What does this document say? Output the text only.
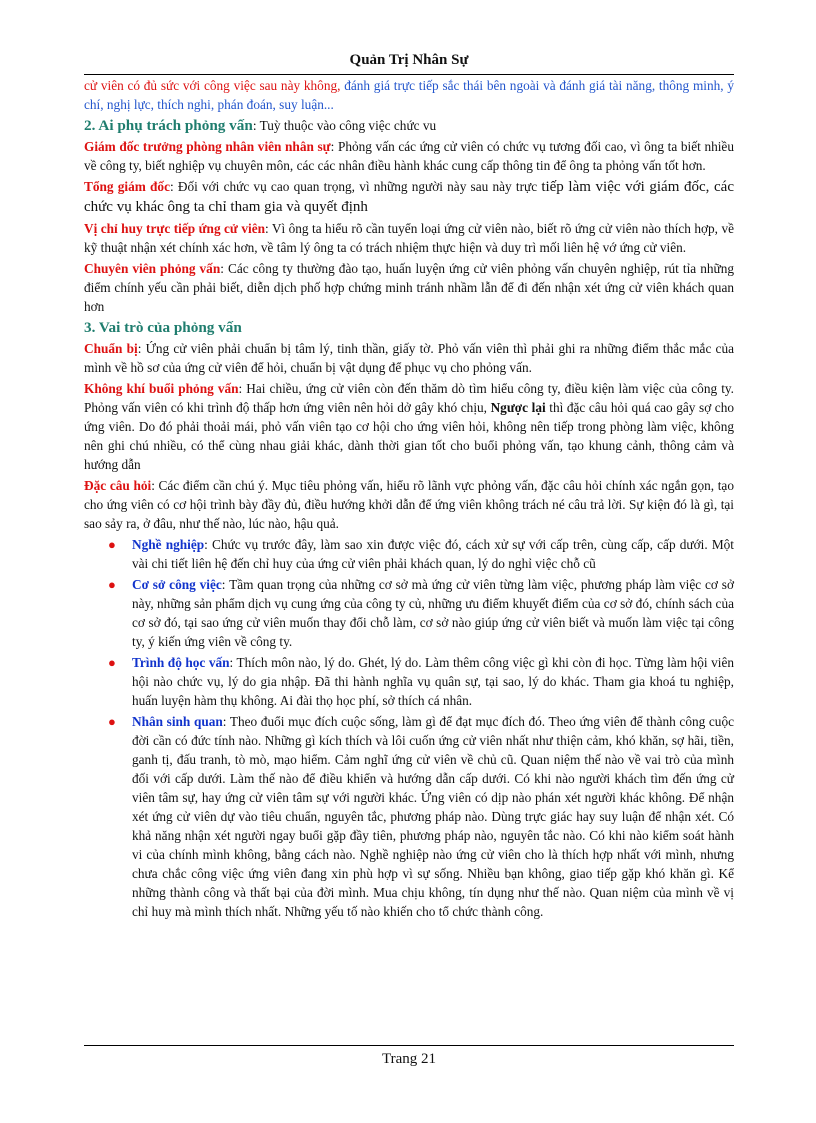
Quản Trị Nhân Sự

cử viên có đủ sức với công việc sau này không, đánh giá trực tiếp sắc thái bên ngoài và đánh giá tài năng, thông minh, ý chí, nghị lực, thích nghi, phán đoán, suy luận...

2. Ai phụ trách phỏng vấn: Tuỳ thuộc vào công việc chức vu

Giám đốc trưởng phòng nhân viên nhân sự: Phỏng vấn các ứng cử viên có chức vụ tương đối cao, vì ông ta biết nhiều về công ty, biết nghiệp vụ chuyên môn, các các nhân điều hành khác cung cấp thông tin để ông ta phỏng vấn tốt hơn.

Tổng giám đốc: Đối với chức vụ cao quan trọng, vì những người này sau này trực tiếp làm việc với giám đốc, các chức vụ khác ông ta chỉ tham gia và quyết định

Vị chỉ huy trực tiếp ứng cử viên: Vì ông ta hiểu rõ cần tuyển loại ứng cử viên nào, biết rõ ứng cử viên nào thích hợp, về kỹ thuật nhận xét chính xác hơn, về tâm lý ông ta có trách nhiệm thực hiện và duy trì mối liên hệ vớ ứng cử viên.

Chuyên viên phỏng vấn: Các công ty thường đào tạo, huấn luyện ứng cử viên phỏng vấn chuyên nghiệp, rút tỉa những điểm chính yếu cần phải biết, diễn dịch phố hợp chứng minh tránh nhầm lẫn để đi đến nhận xét ứng cử viên khách quan hơn

3. Vai trò của phỏng vấn

Chuẩn bị: Ứng cử viên phải chuẩn bị tâm lý, tinh thần, giấy tờ. Phỏ vấn viên thì phải ghi ra những điểm thắc mắc của mình về hồ sơ của ứng cử viên để hỏi, chuẩn bị vật dụng để phục vụ cho phỏng vấn.

Không khí buổi phỏng vấn: Hai chiều, ứng cử viên còn đến thăm dò tìm hiểu công ty, điều kiện làm việc của công ty. Phỏng vấn viên có khi trình độ thấp hơn ứng viên nên hỏi dở gây khó chịu, Ngược lại thì đặc câu hỏi quá cao gây sợ cho ứng viên. Do đó phải thoải mái, phỏ vấn viên tạo cơ hội cho ứng viên hỏi, không nên tiếp trong phòng làm việc, không nên ghi chú nhiều, có thể cùng nhau giải khác, dành thời gian tốt cho buổi phỏng vấn, tạo khung cảnh, thông cảm và hướng dẫn

Đặc câu hỏi: Các điểm cần chú ý. Mục tiêu phỏng vấn, hiểu rõ lãnh vực phỏng vấn, đặc câu hỏi chính xác ngắn gọn, tạo cho ứng viên có cơ hội trình bày đầy đủ, điều hướng khởi dẫn để ứng viên không trách né câu trả lời. Sự kiện đó là gì, tại sao sảy ra, ở đâu, như thế nào, lúc nào, hậu quả.

● Nghề nghiệp: Chức vụ trước đây, làm sao xin được việc đó, cách xử sự với cấp trên, cùng cấp, cấp dưới. Một vài chi tiết liên hệ đến chỉ huy của ứng cử viên phải khách quan, lý do nghỉ việc chỗ cũ
● Cơ sở công việc: Tầm quan trọng của những cơ sở mà ứng cử viên từng làm việc, phương pháp làm việc cơ sở này, những sản phẩm dịch vụ cung ứng của công ty củ, những ưu điểm khuyết điểm của cơ sở đó, chính sách của cơ sở đó, tại sao ứng cử viên muốn thay đổi chỗ làm, cơ sở nào giúp ứng cử viên biết và muốn làm việc tại công ty, ý kiến ứng viên về công ty.
● Trình độ học vấn: Thích môn nào, lý do. Ghét, lý do. Làm thêm công việc gì khi còn đi học. Từng làm hội viên hội nào chức vụ, lý do gia nhập. Đã thi hành nghĩa vụ quân sự, tại sao, lý do khác. Tham gia khoá tu nghiệp, huấn luyện hàm thụ không. Ai đài thọ học phí, sở thích cá nhân.
● Nhân sinh quan: Theo đuổi mục đích cuộc sống, làm gì để đạt mục đích đó. Theo ứng viên để thành công cuộc đời cần có đức tính nào. Những gì kích thích và lôi cuốn ứng cử viên nhất như thiện cảm, khó khăn, sợ hãi, tiền, ganh tị, đấu tranh, tò mò, mạo hiểm. Cảm nghĩ ứng cử viên về chủ cũ. Quan niệm thế nào về vai trò của mình đối với cấp dưới. Làm thế nào để điều khiển và hướng dẫn cấp dưới. Có khi nào người khách tìm đến ứng cử viên tâm sự, hay ứng cử viên tâm sự với người khác. Ứng viên có dịp nào phán xét người khác không. Để nhận xét ứng cử viên dự vào tiêu chuẩn, nguyên tắc, phương pháp nào. Dùng trực giác hay suy luận để nhận xét. Có khả năng nhận xét người ngay buổi gặp đầy tiên, phương pháp nào, nguyên tắc nào. Có khi nào kiểm soát hành vi của chính mình không, bằng cách nào. Nghề nghiệp nào ứng cử viên cho là thích hợp nhất với mình, nhưng chưa chắc công việc ứng viên đang xin phù hợp vì sự sống. Nhiều bạn không, giao tiếp gặp khó khăn gì. Kể những thành công và thất bại của đời mình. Mua chịu không, tín dụng như thế nào. Quan niệm của mình về vị chỉ huy mà mình thích nhất. Những yếu tố nào khiến cho tổ chức thành công.
Trang 21
